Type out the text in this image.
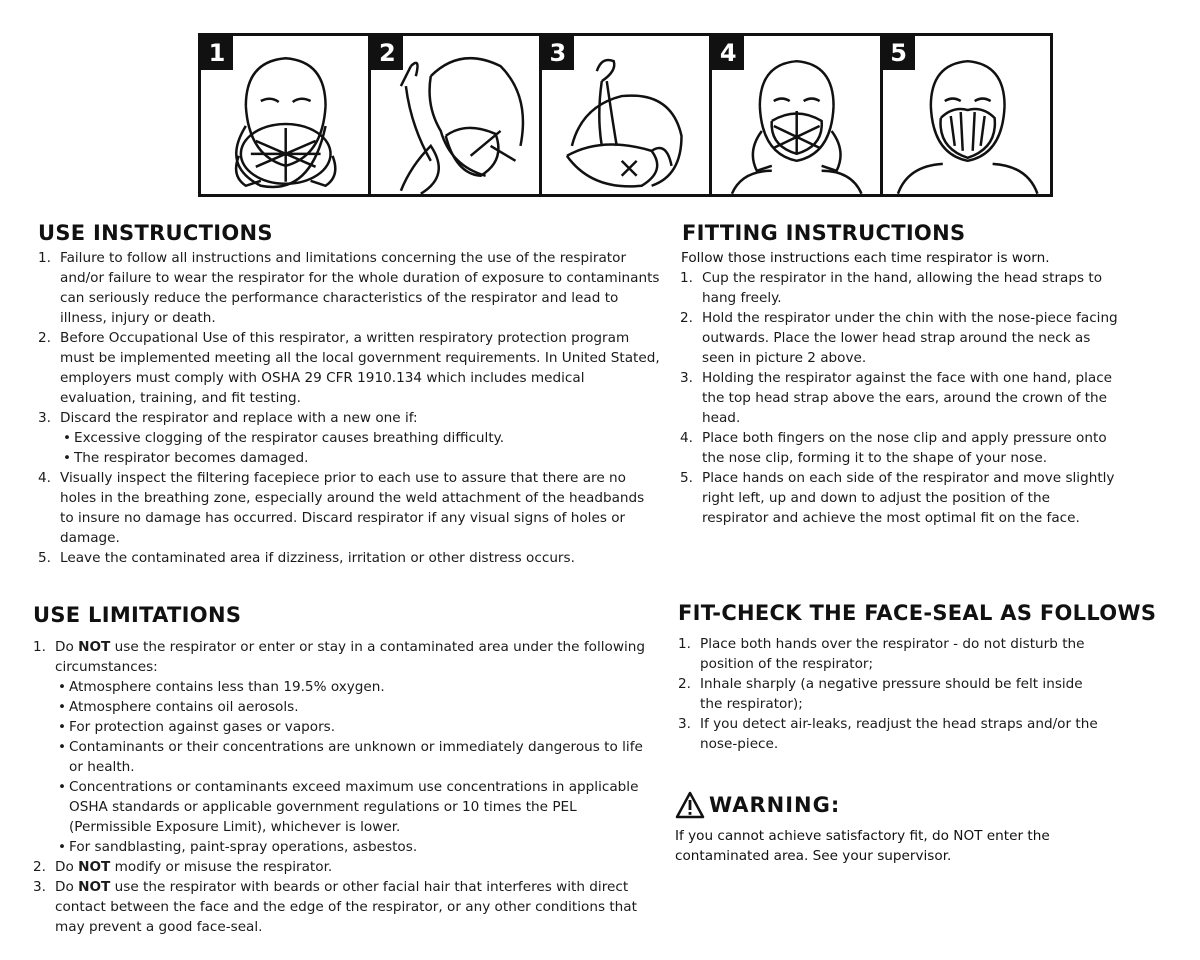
1	2	3	4	5
USE INSTRUCTIONS
1. Failure to follow all instructions and limitations concerning the use of the respirator and/or failure to wear the respirator for the whole duration of exposure to contaminants can seriously reduce the performance characteristics of the respirator and lead to illness, injury or death.
2. Before Occupational Use of this respirator, a written respiratory protection program must be implemented meeting all the local government requirements. In United Stated, employers must comply with OSHA 29 CFR 1910.134 which includes medical evaluation, training, and fit testing.
3. Discard the respirator and replace with a new one if:
• Excessive clogging of the respirator causes breathing difficulty.
• The respirator becomes damaged.
4. Visually inspect the filtering facepiece prior to each use to assure that there are no holes in the breathing zone, especially around the weld attachment of the headbands to insure no damage has occurred. Discard respirator if any visual signs of holes or damage.
5. Leave the contaminated area if dizziness, irritation or other distress occurs.
USE LIMITATIONS
1. Do NOT use the respirator or enter or stay in a contaminated area under the following circumstances:
• Atmosphere contains less than 19.5% oxygen.
• Atmosphere contains oil aerosols.
• For protection against gases or vapors.
• Contaminants or their concentrations are unknown or immediately dangerous to life or health.
• Concentrations or contaminants exceed maximum use concentrations in applicable OSHA standards or applicable government regulations or 10 times the PEL (Permissible Exposure Limit), whichever is lower.
• For sandblasting, paint-spray operations, asbestos.
2. Do NOT modify or misuse the respirator.
3. Do NOT use the respirator with beards or other facial hair that interferes with direct contact between the face and the edge of the respirator, or any other conditions that may prevent a good face-seal.
FITTING INSTRUCTIONS

Follow those instructions each time respirator is worn.

1. Cup the respirator in the hand, allowing the head straps to hang freely.
2. Hold the respirator under the chin with the nose-piece facing outwards. Place the lower head strap around the neck as seen in picture 2 above.
3. Holding the respirator against the face with one hand, place the top head strap above the ears, around the crown of the head.
4. Place both fingers on the nose clip and apply pressure onto the nose clip, forming it to the shape of your nose.
5. Place hands on each side of the respirator and move slightly right left, up and down to adjust the position of the respirator and achieve the most optimal fit on the face.
FIT-CHECK THE FACE-SEAL AS FOLLOWS
1. Place both hands over the respirator - do not disturb the position of the respirator;
2. Inhale sharply (a negative pressure should be felt inside the respirator);
3. If you detect air-leaks, readjust the head straps and/or the nose-piece.
WARNING:

If you cannot achieve satisfactory fit, do NOT enter the contaminated area. See your supervisor.
